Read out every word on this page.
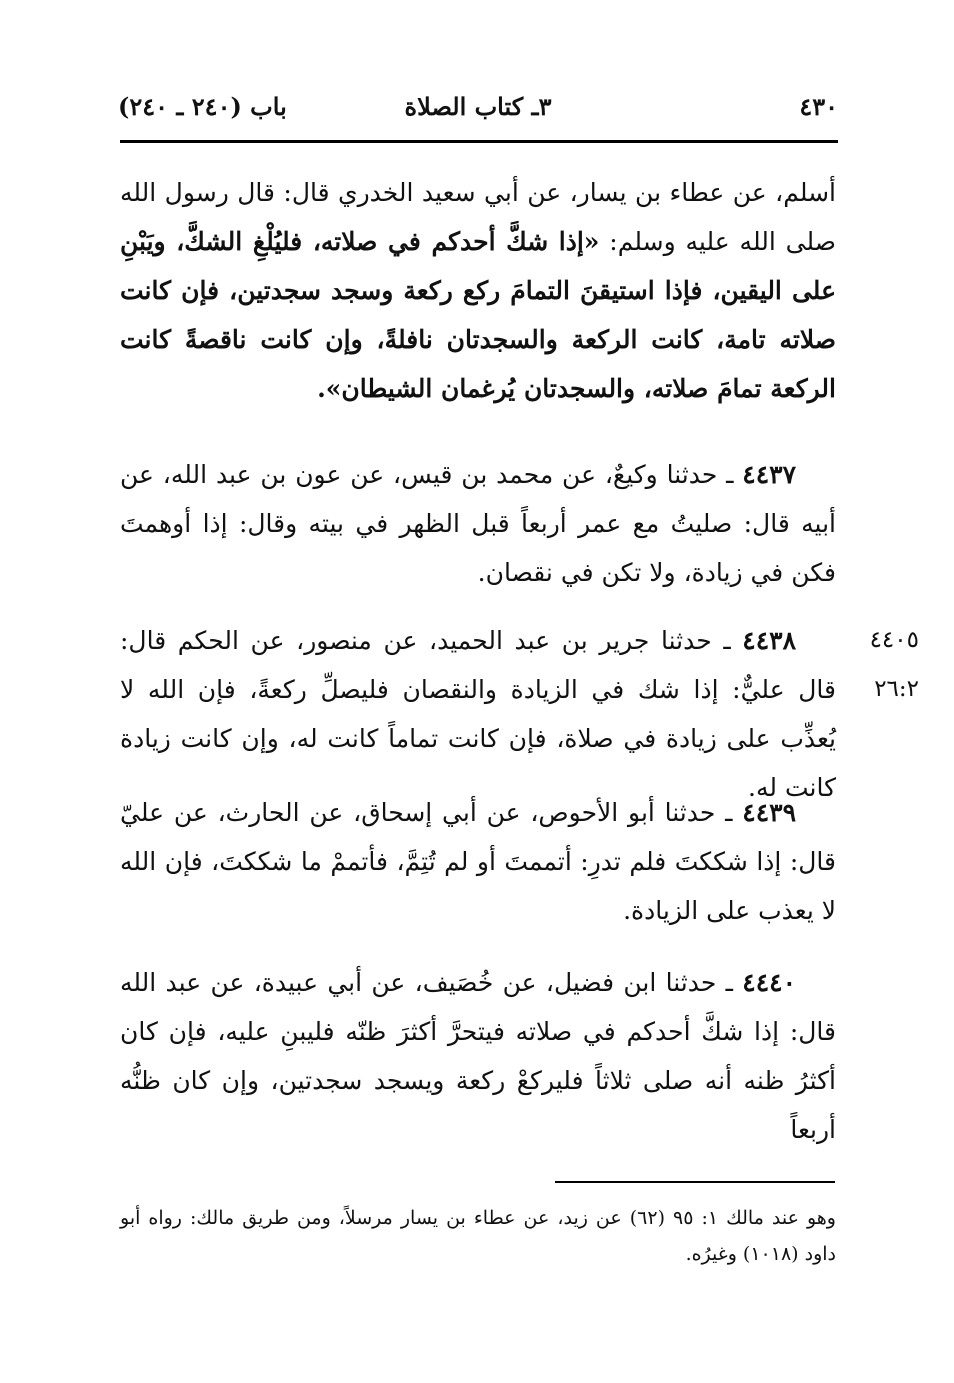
٤٣٠
٣ـ كتاب الصلاة
باب (٢٤٠ ـ ٢٤٠)

أسلم، عن عطاء بن يسار، عن أبي سعيد الخدري قال: قال رسول الله صلى الله عليه وسلم: «إذا شكَّ أحدكم في صلاته، فليُلْغِ الشكَّ، ويَبْنِ على اليقين، فإذا استيقنَ التمامَ ركع ركعة وسجد سجدتين، فإن كانت صلاته تامة، كانت الركعة والسجدتان نافلةً، وإن كانت ناقصةً كانت الركعة تمامَ صلاته، والسجدتان يُرغمان الشيطان».

٤٤٣٧ ـ حدثنا وكيعٌ، عن محمد بن قيس، عن عون بن عبد الله، عن أبيه قال: صليتُ مع عمر أربعاً قبل الظهر في بيته وقال: إذا أوهمتَ فكن في زيادة، ولا تكن في نقصان.

٤٤٣٨ ـ حدثنا جرير بن عبد الحميد، عن منصور، عن الحكم قال: قال عليٌّ: إذا شك في الزيادة والنقصان فليصلِّ ركعةً، فإن الله لا يُعذِّب على زيادة في صلاة، فإن كانت تماماً كانت له، وإن كانت زيادة كانت له.

٤٤٣٩ ـ حدثنا أبو الأحوص، عن أبي إسحاق، عن الحارث، عن عليّ قال: إذا شككتَ فلم تدرِ: أتممتَ أو لم تُتِمَّ، فأتممْ ما شككتَ، فإن الله لا يعذب على الزيادة.

٤٤٤٠ ـ حدثنا ابن فضيل، عن خُصَيف، عن أبي عبيدة، عن عبد الله قال: إذا شكَّ أحدكم في صلاته فيتحرَّ أكثرَ ظنّه فليبنِ عليه، فإن كان أكثرُ ظنه أنه صلى ثلاثاً فليركعْ ركعة ويسجد سجدتين، وإن كان ظنُّه أربعاً

٤٤٠٥
٢٦:٢
وهو عند مالك ١: ٩٥ (٦٢) عن زيد، عن عطاء بن يسار مرسلاً، ومن طريق مالك: رواه أبو داود (١٠١٨) وغيرُه.
